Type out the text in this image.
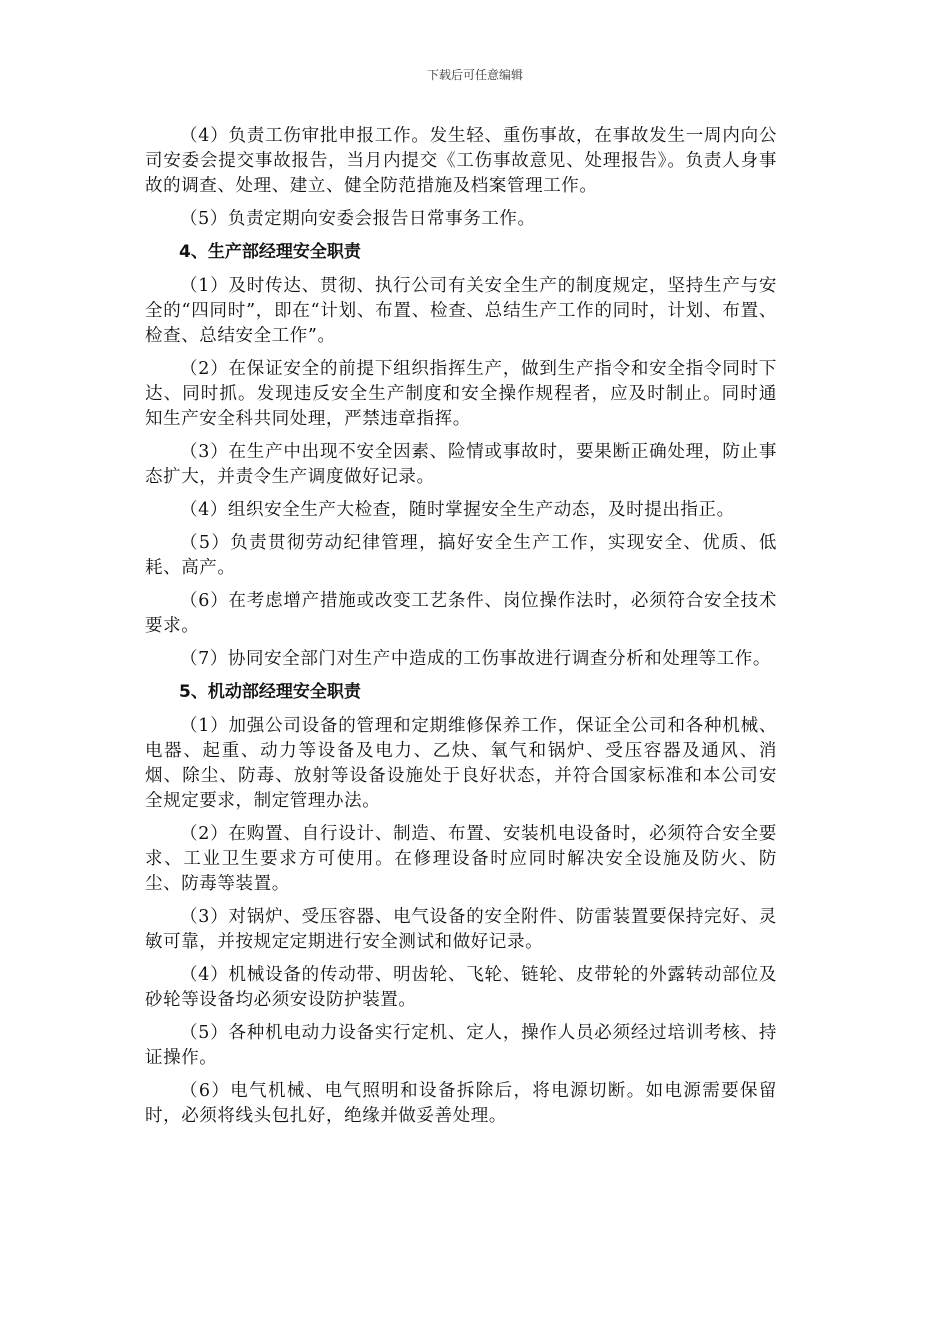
下载后可任意编辑

（4）负责工伤审批申报工作。发生轻、重伤事故，在事故发生一周内向公司安委会提交事故报告，当月内提交《工伤事故意见、处理报告》。负责人身事故的调查、处理、建立、健全防范措施及档案管理工作。

（5）负责定期向安委会报告日常事务工作。

4、生产部经理安全职责

（1）及时传达、贯彻、执行公司有关安全生产的制度规定，坚持生产与安全的“四同时”，即在“计划、布置、检查、总结生产工作的同时，计划、布置、检查、总结安全工作”。

（2）在保证安全的前提下组织指挥生产，做到生产指令和安全指令同时下达、同时抓。发现违反安全生产制度和安全操作规程者，应及时制止。同时通知生产安全科共同处理，严禁违章指挥。

（3）在生产中出现不安全因素、险情或事故时，要果断正确处理，防止事态扩大，并责令生产调度做好记录。

（4）组织安全生产大检查，随时掌握安全生产动态，及时提出指正。

（5）负责贯彻劳动纪律管理，搞好安全生产工作，实现安全、优质、低耗、高产。

（6）在考虑增产措施或改变工艺条件、岗位操作法时，必须符合安全技术要求。

（7）协同安全部门对生产中造成的工伤事故进行调查分析和处理等工作。

5、机动部经理安全职责

（1）加强公司设备的管理和定期维修保养工作，保证全公司和各种机械、电器、起重、动力等设备及电力、乙炔、氧气和锅炉、受压容器及通风、消烟、除尘、防毒、放射等设备设施处于良好状态，并符合国家标准和本公司安全规定要求，制定管理办法。

（2）在购置、自行设计、制造、布置、安装机电设备时，必须符合安全要求、工业卫生要求方可使用。在修理设备时应同时解决安全设施及防火、防尘、防毒等装置。

（3）对锅炉、受压容器、电气设备的安全附件、防雷装置要保持完好、灵敏可靠，并按规定定期进行安全测试和做好记录。

（4）机械设备的传动带、明齿轮、飞轮、链轮、皮带轮的外露转动部位及砂轮等设备均必须安设防护装置。

（5）各种机电动力设备实行定机、定人，操作人员必须经过培训考核、持证操作。

（6）电气机械、电气照明和设备拆除后，将电源切断。如电源需要保留时，必须将线头包扎好，绝缘并做妥善处理。
